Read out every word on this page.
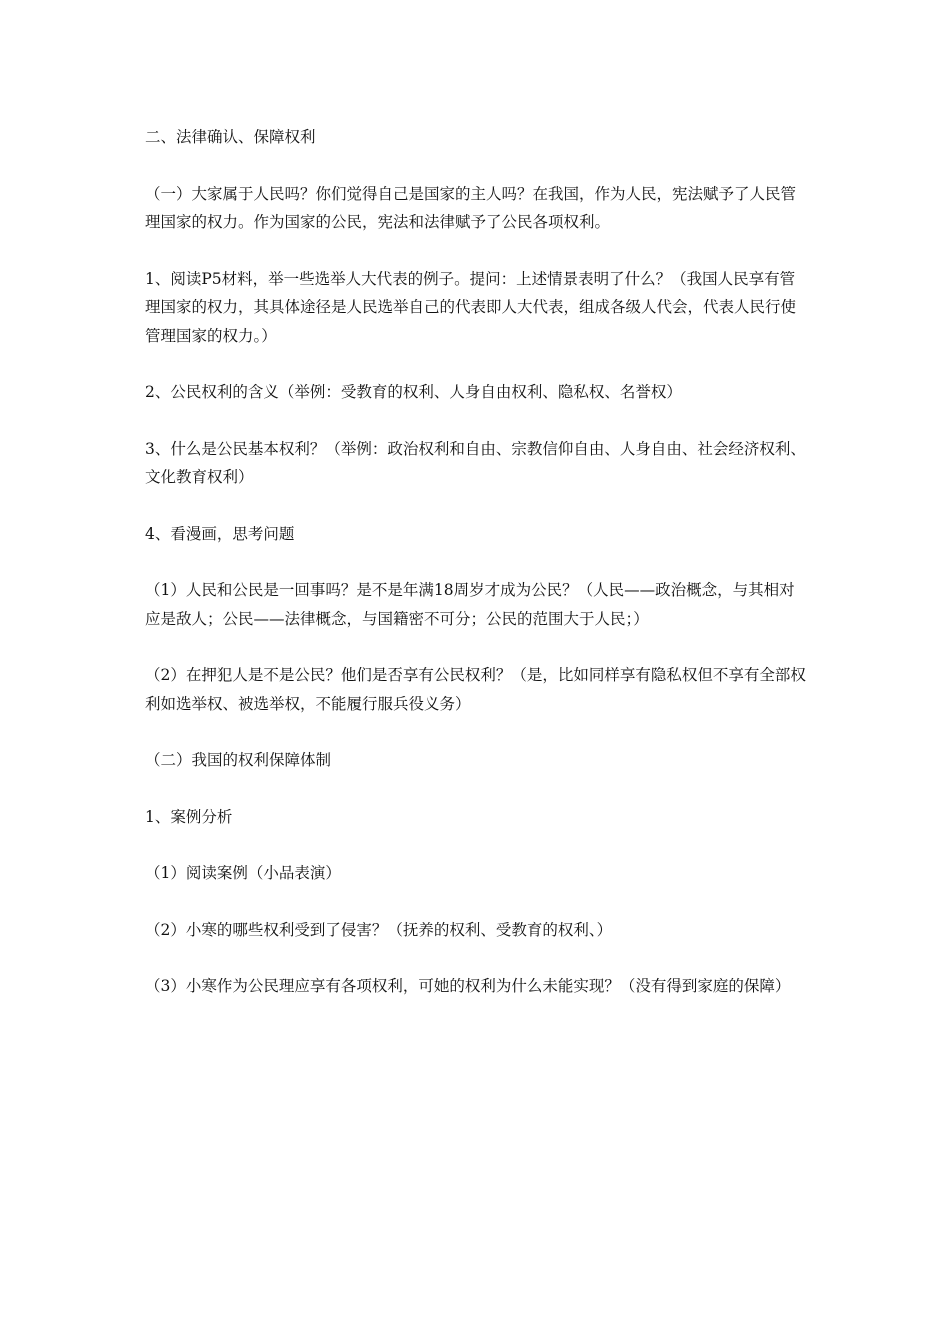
二、法律确认、保障权利

（一）大家属于人民吗？你们觉得自己是国家的主人吗？在我国，作为人民，宪法赋予了人民管理国家的权力。作为国家的公民，宪法和法律赋予了公民各项权利。

1、阅读P5材料，举一些选举人大代表的例子。提问：上述情景表明了什么？（我国人民享有管理国家的权力，其具体途径是人民选举自己的代表即人大代表，组成各级人代会，代表人民行使管理国家的权力。）

2、公民权利的含义（举例：受教育的权利、人身自由权利、隐私权、名誉权）

3、什么是公民基本权利？（举例：政治权利和自由、宗教信仰自由、人身自由、社会经济权利、文化教育权利）

4、看漫画，思考问题

（1）人民和公民是一回事吗？是不是年满18周岁才成为公民？（人民——政治概念，与其相对应是敌人；公民——法律概念，与国籍密不可分；公民的范围大于人民；）

（2）在押犯人是不是公民？他们是否享有公民权利？（是，比如同样享有隐私权但不享有全部权利如选举权、被选举权，不能履行服兵役义务）

（二）我国的权利保障体制

1、案例分析

（1）阅读案例（小品表演）

（2）小寒的哪些权利受到了侵害？（抚养的权利、受教育的权利、）

（3）小寒作为公民理应享有各项权利，可她的权利为什么未能实现？（没有得到家庭的保障）
